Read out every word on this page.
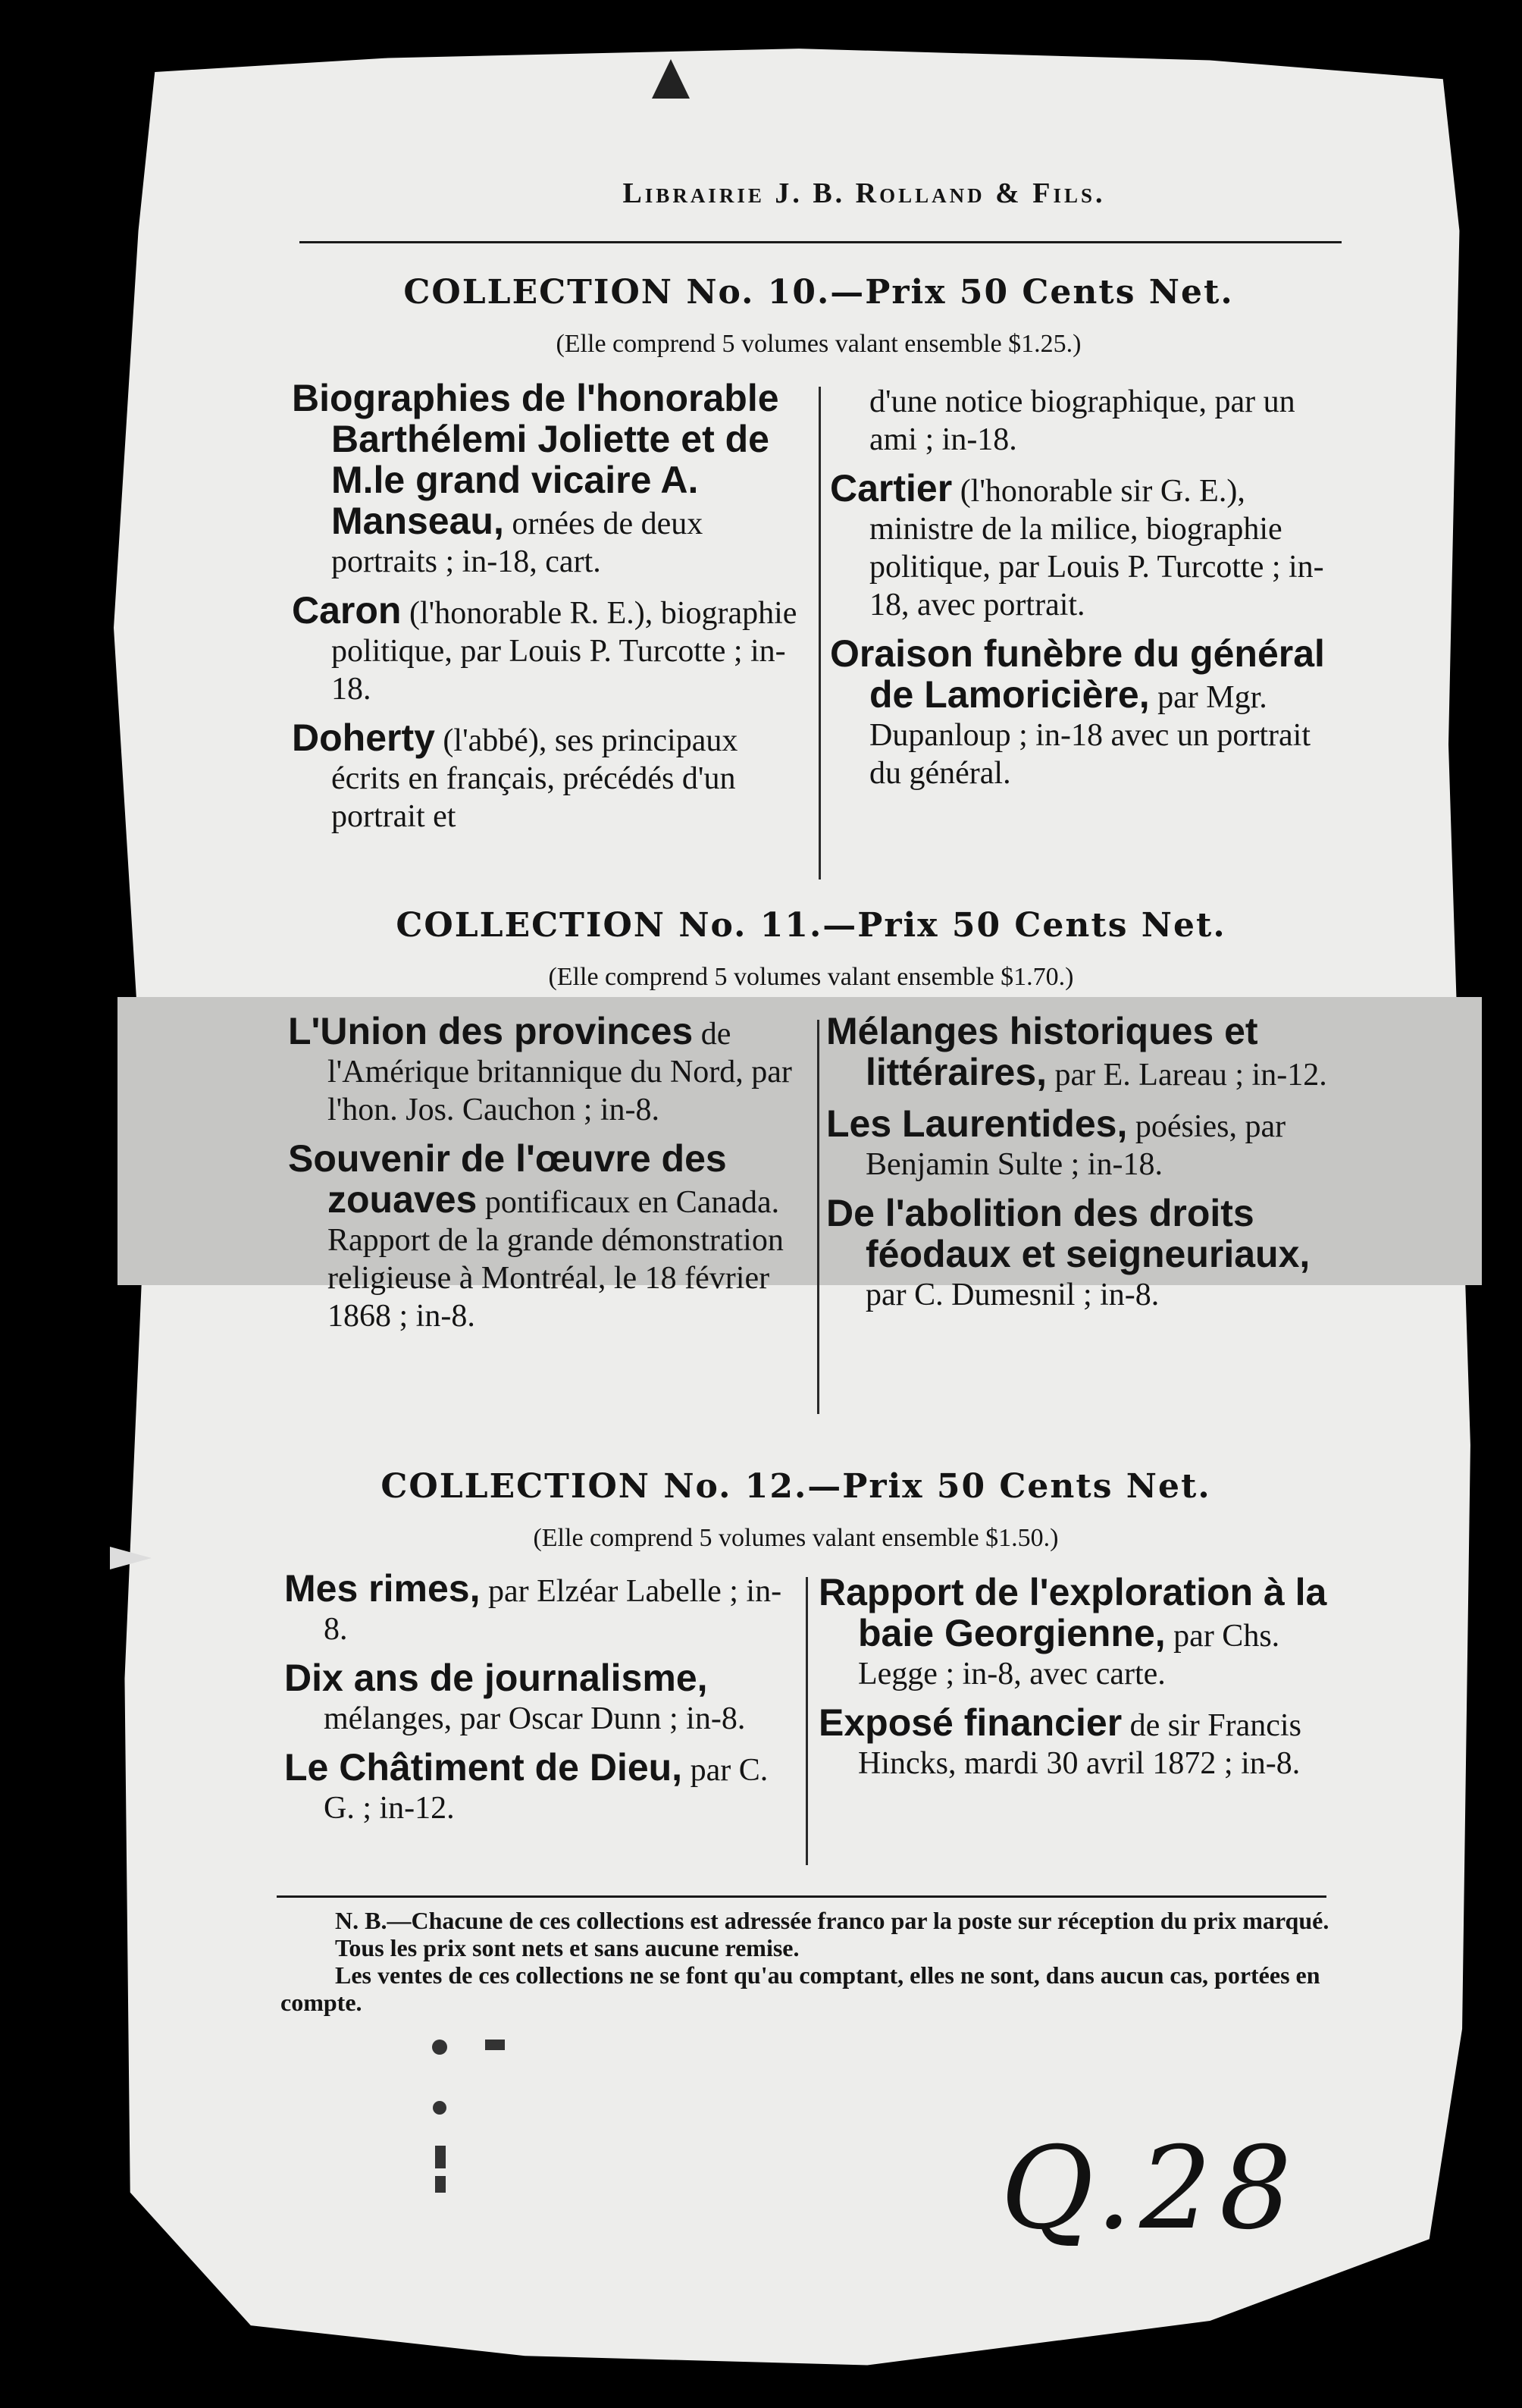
Librairie J. B. Rolland & Fils.
COLLECTION No. 10.—Prix 50 Cents Net.
(Elle comprend 5 volumes valant ensemble $1.25.)
Biographies de l'honorable Barthélemi Joliette et de M.le grand vicaire A. Manseau, ornées de deux portraits ; in-18, cart.
Caron (l'honorable R. E.), biographie politique, par Louis P. Turcotte ; in-18.
Doherty (l'abbé), ses principaux écrits en français, précédés d'un portrait et
d'une notice biographique, par un ami ; in-18.
Cartier (l'honorable sir G. E.), ministre de la milice, biographie politique, par Louis P. Turcotte ; in-18, avec portrait.
Oraison funèbre du général de Lamoricière, par Mgr. Dupanloup ; in-18 avec un portrait du général.
COLLECTION No. 11.—Prix 50 Cents Net.
(Elle comprend 5 volumes valant ensemble $1.70.)
L'Union des provinces de l'Amérique britannique du Nord, par l'hon. Jos. Cauchon ; in-8.
Souvenir de l'œuvre des zouaves pontificaux en Canada. Rapport de la grande démonstration religieuse à Montréal, le 18 février 1868 ; in-8.
Mélanges historiques et littéraires, par E. Lareau ; in-12.
Les Laurentides, poésies, par Benjamin Sulte ; in-18.
De l'abolition des droits féodaux et seigneuriaux, par C. Dumesnil ; in-8.
COLLECTION No. 12.—Prix 50 Cents Net.
(Elle comprend 5 volumes valant ensemble $1.50.)
Mes rimes, par Elzéar Labelle ; in-8.
Dix ans de journalisme, mélanges, par Oscar Dunn ; in-8.
Le Châtiment de Dieu, par C. G. ; in-12.
Rapport de l'exploration à la baie Georgienne, par Chs. Legge ; in-8, avec carte.
Exposé financier de sir Francis Hincks, mardi 30 avril 1872 ; in-8.

N. B.—Chacune de ces collections est adressée franco par la poste sur réception du prix marqué.

Tous les prix sont nets et sans aucune remise.

Les ventes de ces collections ne se font qu'au comptant, elles ne sont, dans aucun cas, portées en compte.

Q.28
